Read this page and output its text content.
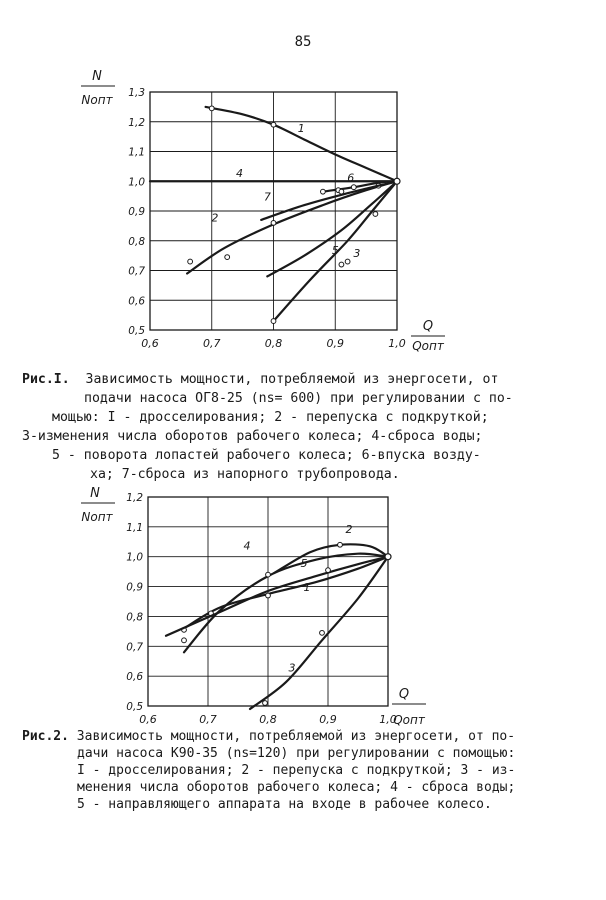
85
0,6	0,7	0,8	0,9	1,0
0,5
0,6
0,7
0,8
0,9
1,0
1,1
1,2
1,3
N
Nопт
Q
Qопт
1
2
3
4
5
6
7
0,6	0,7	0,8	0,9	1,0
0,5
0,6
0,7
0,8
0,9
1,0
1,1
1,2
N
Nопт
Q
Qопт
1
2
3
4
5
Рис.I. Зависимость мощности, потребляемой из энергосети, от
подачи насоса ОГ8-25 (ns= 600) при регулировании с по-
мощью: I - дросселирования; 2 - перепуска с подкруткой;
3-изменения числа оборотов рабочего колеса; 4-сброса воды;
5 - поворота лопастей рабочего колеса; 6-впуска возду-
ха; 7-сброса из напорного трубопровода.
Рис.2. Зависимость мощности, потребляемой из энергосети, от по-
дачи насоса К90-35 (ns=120) при регулировании с помощью:
I - дросселирования; 2 - перепуска с подкруткой; 3 - из-
менения числа оборотов рабочего колеса; 4 - сброса воды;
5 - направляющего аппарата на входе в рабочее колесо.
